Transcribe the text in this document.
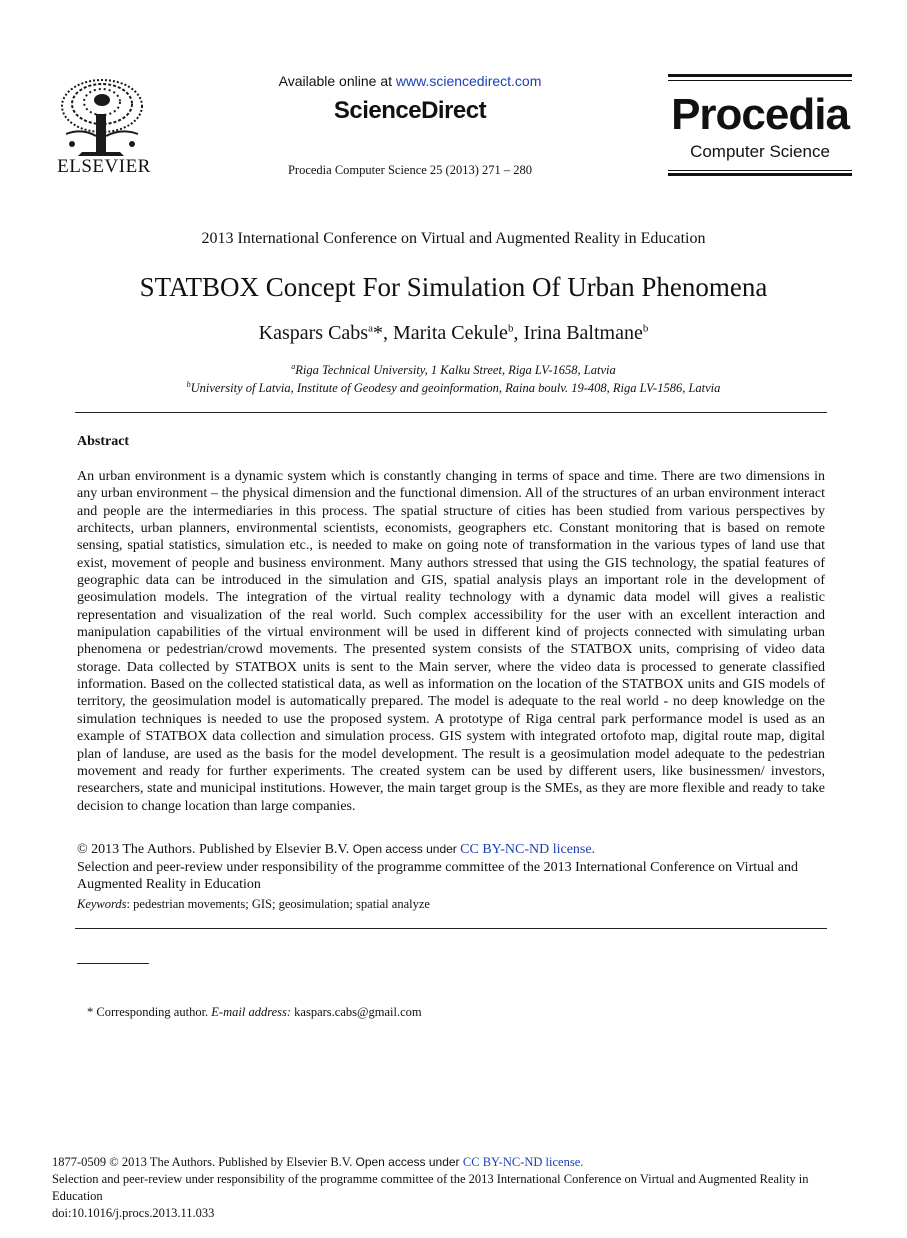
ELSEVIER
Available online at www.sciencedirect.com
ScienceDirect
Procedia Computer Science 25 (2013) 271 – 280
Procedia
Computer Science
2013 International Conference on Virtual and Augmented Reality in Education
STATBOX Concept For Simulation Of Urban Phenomena
Kaspars Cabs$^a$*, Marita Cekule$^b$, Irina Baltmane$^b$
$^a$Riga Technical University, 1 Kalku Street, Riga LV-1658, Latvia
$^b$University of Latvia, Institute of Geodesy and geoinformation, Raina boulv. 19-408, Riga LV-1586, Latvia
Abstract
An urban environment is a dynamic system which is constantly changing in terms of space and time. There are two dimensions in any urban environment – the physical dimension and the functional dimension. All of the structures of an urban environment interact and people are the intermediaries in this process. The spatial structure of cities has been studied from various perspectives by architects, urban planners, environmental scientists, economists, geographers etc. Constant monitoring that is based on remote sensing, spatial statistics, simulation etc., is needed to make on going note of transformation in the various types of land use that exist, movement of people and business environment. Many authors stressed that using the GIS technology, the spatial features of geographic data can be introduced in the simulation and GIS, spatial analysis plays an important role in the development of geosimulation models. The integration of the virtual reality technology with a dynamic data model will gives a realistic representation and visualization of the real world. Such complex accessibility for the user with an excellent interaction and manipulation capabilities of the virtual environment will be used in different kind of projects connected with simulating urban phenomena or pedestrian/crowd movements. The presented system consists of the STATBOX units, comprising of video data storage. Data collected by STATBOX units is sent to the Main server, where the video data is processed to generate classified information. Based on the collected statistical data, as well as information on the location of the STATBOX units and GIS models of territory, the geosimulation model is automatically prepared. The model is adequate to the real world - no deep knowledge on the simulation techniques is needed to use the proposed system. A prototype of Riga central park performance model is used as an example of STATBOX data collection and simulation process. GIS system with integrated ortofoto map, digital route map, digital plan of landuse, are used as the basis for the model development. The result is a geosimulation model adequate to the pedestrian movement and ready for further experiments. The created system can be used by different users, like businessmen/ investors, researchers, state and municipal institutions. However, the main target group is the SMEs, as they are more flexible and ready to take decision to change location than large companies.
© 2013 The Authors. Published by Elsevier B.V. Open access under CC BY-NC-ND license.
Selection and peer-review under responsibility of the programme committee of the 2013 International Conference on Virtual and Augmented Reality in Education
Keywords: pedestrian movements; GIS; geosimulation; spatial analyze
* Corresponding author. E-mail address: kaspars.cabs@gmail.com
1877-0509 © 2013 The Authors. Published by Elsevier B.V. Open access under CC BY-NC-ND license.
Selection and peer-review under responsibility of the programme committee of the 2013 International Conference on Virtual and Augmented Reality in Education
doi:10.1016/j.procs.2013.11.033
